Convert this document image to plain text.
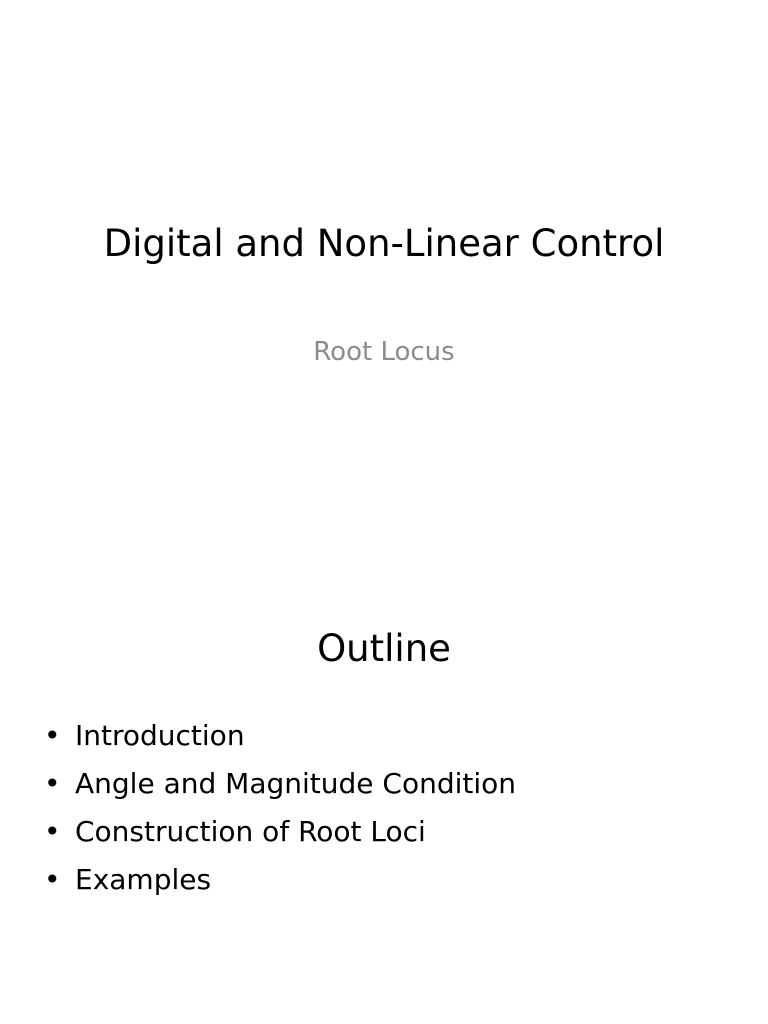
Digital and Non-Linear Control
Root Locus
Outline
• Introduction
• Angle and Magnitude Condition
• Construction of Root Loci
• Examples
